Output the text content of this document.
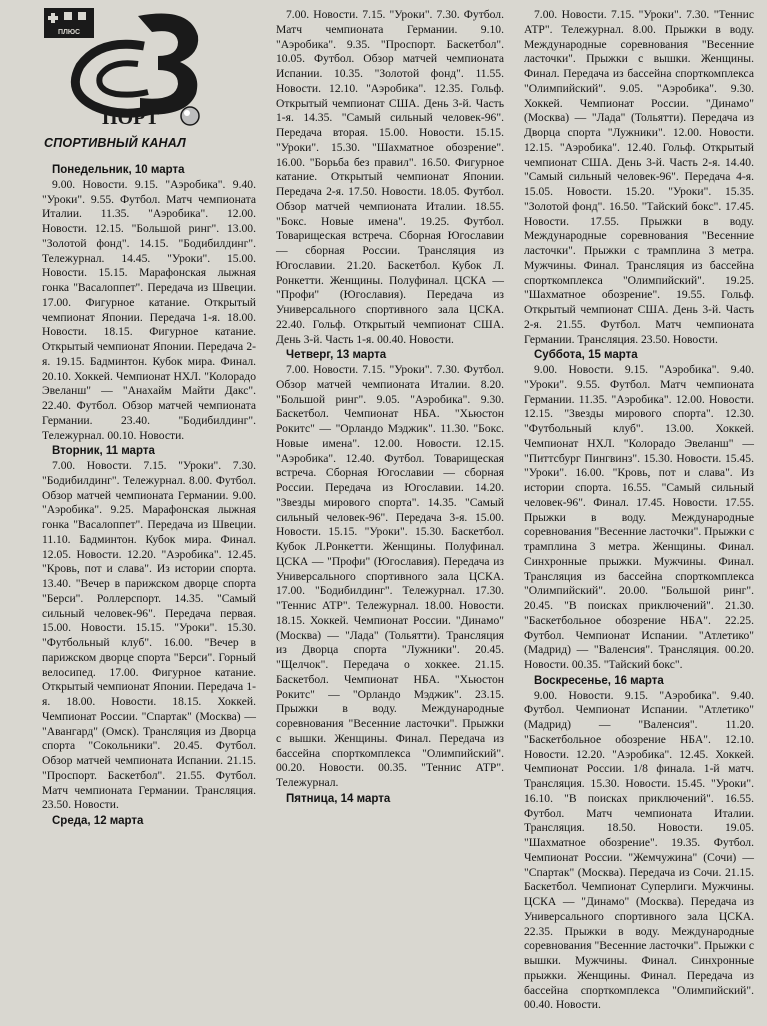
ПЛЮС
ПОРТ
СПОРТИВНЫЙ КАНАЛ
Понедельник, 10 марта
9.00. Новости. 9.15. "Аэробика". 9.40. "Уроки". 9.55. Футбол. Матч чемпионата Италии. 11.35. "Аэробика". 12.00. Новости. 12.15. "Большой ринг". 13.00. "Золотой фонд". 14.15. "Бодибилдинг". Тележурнал. 14.45. "Уроки". 15.00. Новости. 15.15. Марафонская лыжная гонка "Васалоппет". Передача из Швеции. 17.00. Фигурное катание. Открытый чемпионат Японии. Передача 1-я. 18.00. Новости. 18.15. Фигурное катание. Открытый чемпионат Японии. Передача 2-я. 19.15. Бадминтон. Кубок мира. Финал. 20.10. Хоккей. Чемпионат НХЛ. "Колорадо Эвеланш" — "Анахайм Майти Дакс". 22.40. Футбол. Обзор матчей чемпионата Германии. 23.40. "Бодибилдинг". Тележурнал. 00.10. Новости.
Вторник, 11 марта
7.00. Новости. 7.15. "Уроки". 7.30. "Бодибилдинг". Тележурнал. 8.00. Футбол. Обзор матчей чемпионата Германии. 9.00. "Аэробика". 9.25. Марафонская лыжная гонка "Васалоппет". Передача из Швеции. 11.10. Бадминтон. Кубок мира. Финал. 12.05. Новости. 12.20. "Аэробика". 12.45. "Кровь, пот и слава". Из истории спорта. 13.40. "Вечер в парижском дворце спорта "Берси". Роллерспорт. 14.35. "Самый сильный человек-96". Передача первая. 15.00. Новости. 15.15. "Уроки". 15.30. "Футбольный клуб". 16.00. "Вечер в парижском дворце спорта "Берси". Горный велосипед. 17.00. Фигурное катание. Открытый чемпионат Японии. Передача 1-я. 18.00. Новости. 18.15. Хоккей. Чемпионат России. "Спартак" (Москва) — "Авангард" (Омск). Трансляция из Дворца спорта "Сокольники". 20.45. Футбол. Обзор матчей чемпионата Испании. 21.15. "Проспорт. Баскетбол". 21.55. Футбол. Матч чемпионата Германии. Трансляция. 23.50. Новости.
Среда, 12 марта
7.00. Новости. 7.15. "Уроки". 7.30. Футбол. Матч чемпионата Германии. 9.10. "Аэробика". 9.35. "Проспорт. Баскетбол". 10.05. Футбол. Обзор матчей чемпионата Испании. 10.35. "Золотой фонд". 11.55. Новости. 12.10. "Аэробика". 12.35. Гольф. Открытый чемпионат США. День 3-й. Часть 1-я. 14.35. "Самый сильный человек-96". Передача вторая. 15.00. Новости. 15.15. "Уроки". 15.30. "Шахматное обозрение". 16.00. "Борьба без правил". 16.50. Фигурное катание. Открытый чемпионат Японии. Передача 2-я. 17.50. Новости. 18.05. Футбол. Обзор матчей чемпионата Италии. 18.55. "Бокс. Новые имена". 19.25. Футбол. Товарищеская встреча. Сборная Югославии — сборная России. Трансляция из Югославии. 21.20. Баскетбол. Кубок Л. Ронкетти. Женщины. Полуфинал. ЦСКА — "Профи" (Югославия). Передача из Универсального спортивного зала ЦСКА. 22.40. Гольф. Открытый чемпионат США. День 3-й. Часть 1-я. 00.40. Новости.
Четверг, 13 марта
7.00. Новости. 7.15. "Уроки". 7.30. Футбол. Обзор матчей чемпионата Италии. 8.20. "Большой ринг". 9.05. "Аэробика". 9.30. Баскетбол. Чемпионат НБА. "Хьюстон Рокитс" — "Орландо Мэджик". 11.30. "Бокс. Новые имена". 12.00. Новости. 12.15. "Аэробика". 12.40. Футбол. Товарищеская встреча. Сборная Югославии — сборная России. Передача из Югославии. 14.20. "Звезды мирового спорта". 14.35. "Самый сильный человек-96". Передача 3-я. 15.00. Новости. 15.15. "Уроки". 15.30. Баскетбол. Кубок Л.Ронкетти. Женщины. Полуфинал. ЦСКА — "Профи" (Югославия). Передача из Универсального спортивного зала ЦСКА. 17.00. "Бодибилдинг". Тележурнал. 17.30. "Теннис АТР". Тележурнал. 18.00. Новости. 18.15. Хоккей. Чемпионат России. "Динамо" (Москва) — "Лада" (Тольятти). Трансляция из Дворца спорта "Лужники". 20.45. "Щелчок". Передача о хоккее. 21.15. Баскетбол. Чемпионат НБА. "Хьюстон Рокитс" — "Орландо Мэджик". 23.15. Прыжки в воду. Международные соревнования "Весенние ласточки". Прыжки с вышки. Женщины. Финал. Передача из бассейна спорткомплекса "Олимпийский". 00.20. Новости. 00.35. "Теннис АТР". Тележурнал.
Пятница, 14 марта
7.00. Новости. 7.15. "Уроки". 7.30. "Теннис АТР". Тележурнал. 8.00. Прыжки в воду. Международные соревнования "Весенние ласточки". Прыжки с вышки. Женщины. Финал. Передача из бассейна спорткомплекса "Олимпийский". 9.05. "Аэробика". 9.30. Хоккей. Чемпионат России. "Динамо" (Москва) — "Лада" (Тольятти). Передача из Дворца спорта "Лужники". 12.00. Новости. 12.15. "Аэробика". 12.40. Гольф. Открытый чемпионат США. День 3-й. Часть 2-я. 14.40. "Самый сильный человек-96". Передача 4-я. 15.05. Новости. 15.20. "Уроки". 15.35. "Золотой фонд". 16.50. "Тайский бокс". 17.45. Новости. 17.55. Прыжки в воду. Международные соревнования "Весенние ласточки". Прыжки с трамплина 3 метра. Мужчины. Финал. Трансляция из бассейна спорткомплекса "Олимпийский". 19.25. "Шахматное обозрение". 19.55. Гольф. Открытый чемпионат США. День 3-й. Часть 2-я. 21.55. Футбол. Матч чемпионата Германии. Трансляция. 23.50. Новости.
Суббота, 15 марта
9.00. Новости. 9.15. "Аэробика". 9.40. "Уроки". 9.55. Футбол. Матч чемпионата Германии. 11.35. "Аэробика". 12.00. Новости. 12.15. "Звезды мирового спорта". 12.30. "Футбольный клуб". 13.00. Хоккей. Чемпионат НХЛ. "Колорадо Эвеланш" — "Питтсбург Пингвинз". 15.30. Новости. 15.45. "Уроки". 16.00. "Кровь, пот и слава". Из истории спорта. 16.55. "Самый сильный человек-96". Финал. 17.45. Новости. 17.55. Прыжки в воду. Международные соревнования "Весенние ласточки". Прыжки с трамплина 3 метра. Женщины. Финал. Синхронные прыжки. Мужчины. Финал. Трансляция из бассейна спорткомплекса "Олимпийский". 20.00. "Большой ринг". 20.45. "В поисках приключений". 21.30. "Баскетбольное обозрение НБА". 22.25. Футбол. Чемпионат Испании. "Атлетико" (Мадрид) — "Валенсия". Трансляция. 00.20. Новости. 00.35. "Тайский бокс".
Воскресенье, 16 марта
9.00. Новости. 9.15. "Аэробика". 9.40. Футбол. Чемпионат Испании. "Атлетико" (Мадрид) — "Валенсия". 11.20. "Баскетбольное обозрение НБА". 12.10. Новости. 12.20. "Аэробика". 12.45. Хоккей. Чемпионат России. 1/8 финала. 1-й матч. Трансляция. 15.30. Новости. 15.45. "Уроки". 16.10. "В поисках приключений". 16.55. Футбол. Матч чемпионата Италии. Трансляция. 18.50. Новости. 19.05. "Шахматное обозрение". 19.35. Футбол. Чемпионат России. "Жемчужина" (Сочи) — "Спартак" (Москва). Передача из Сочи. 21.15. Баскетбол. Чемпионат Суперлиги. Мужчины. ЦСКА — "Динамо" (Москва). Передача из Универсального спортивного зала ЦСКА. 22.35. Прыжки в воду. Международные соревнования "Весенние ласточки". Прыжки с вышки. Мужчины. Финал. Синхронные прыжки. Женщины. Финал. Передача из бассейна спорткомплекса "Олимпийский". 00.40. Новости.
